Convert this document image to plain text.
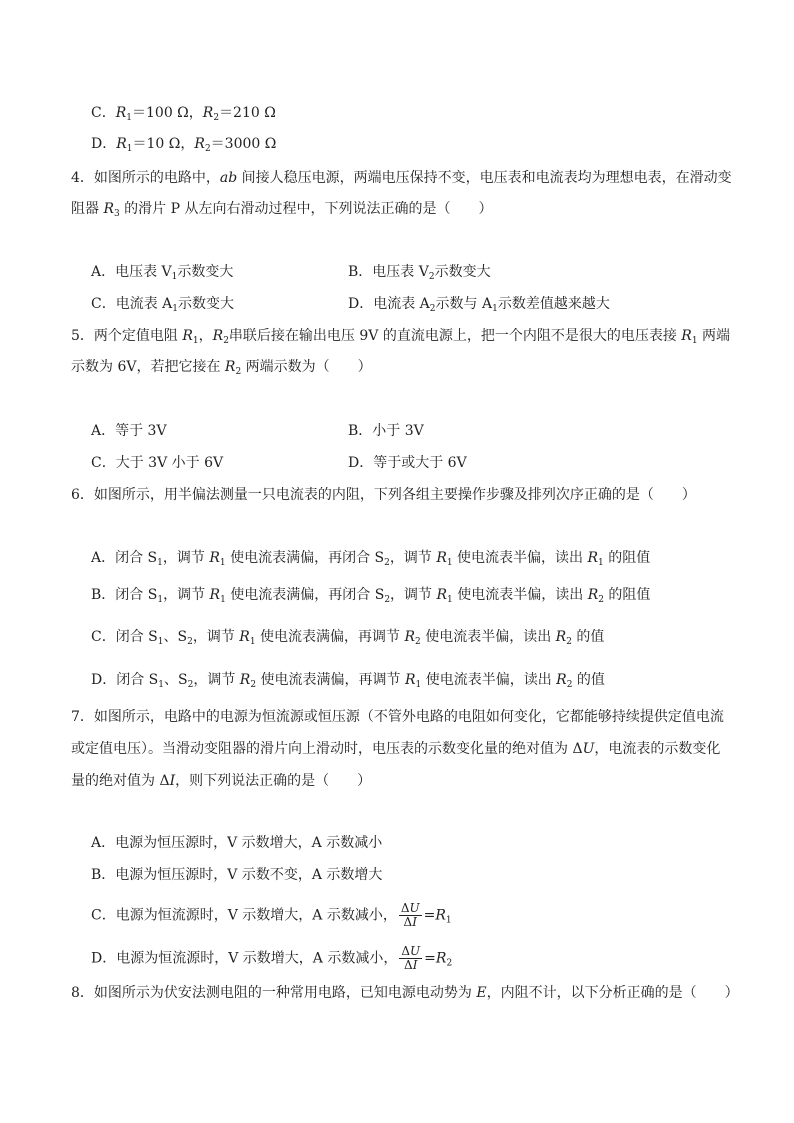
C．$R_1=100$ Ω，$R_2=210$ Ω
D．$R_1=10$ Ω，$R_2=3000$ Ω
4．如图所示的电路中，ab 间接人稳压电源，两端电压保持不变，电压表和电流表均为理想电表，在滑动变
阻器 $R_3$ 的滑片 P 从左向右滑动过程中，下列说法正确的是（　　）
A．电压表 $V_1$示数变大	B．电压表 $V_2$示数变大
C．电流表 $A_1$示数变大	D．电流表 $A_2$示数与 $A_1$示数差值越来越大
5．两个定值电阻 $R_1$，$R_2$串联后接在输出电压 9V 的直流电源上，把一个内阻不是很大的电压表接 $R_1$ 两端
示数为 6V，若把它接在 $R_2$ 两端示数为（　　）
A．等于 3V	B．小于 3V
C．大于 3V 小于 6V	D．等于或大于 6V
6．如图所示，用半偏法测量一只电流表的内阻，下列各组主要操作步骤及排列次序正确的是（　　）
A．闭合 $S_1$，调节 $R_1$ 使电流表满偏，再闭合 $S_2$，调节 $R_1$ 使电流表半偏，读出 $R_1$ 的阻值
B．闭合 $S_1$，调节 $R_1$ 使电流表满偏，再闭合 $S_2$，调节 $R_1$ 使电流表半偏，读出 $R_2$ 的阻值
C．闭合 $S_1$、$S_2$，调节 $R_1$ 使电流表满偏，再调节 $R_2$ 使电流表半偏，读出 $R_2$ 的值
D．闭合 $S_1$、$S_2$，调节 $R_2$ 使电流表满偏，再调节 $R_1$ 使电流表半偏，读出 $R_2$ 的值
7．如图所示，电路中的电源为恒流源或恒压源（不管外电路的电阻如何变化，它都能够持续提供定值电流
或定值电压）。当滑动变阻器的滑片向上滑动时，电压表的示数变化量的绝对值为 ΔU，电流表的示数变化
量的绝对值为 ΔI，则下列说法正确的是（　　）
A．电源为恒压源时，V 示数增大，A 示数减小
B．电源为恒压源时，V 示数不变，A 示数增大
C．电源为恒流源时，V 示数增大，A 示数减小， $\frac{\Delta U}{\Delta I} =R_1$
D．电源为恒流源时，V 示数增大，A 示数减小， $\frac{\Delta U}{\Delta I} =R_2$
8．如图所示为伏安法测电阻的一种常用电路，已知电源电动势为 E，内阻不计，以下分析正确的是（　　）
